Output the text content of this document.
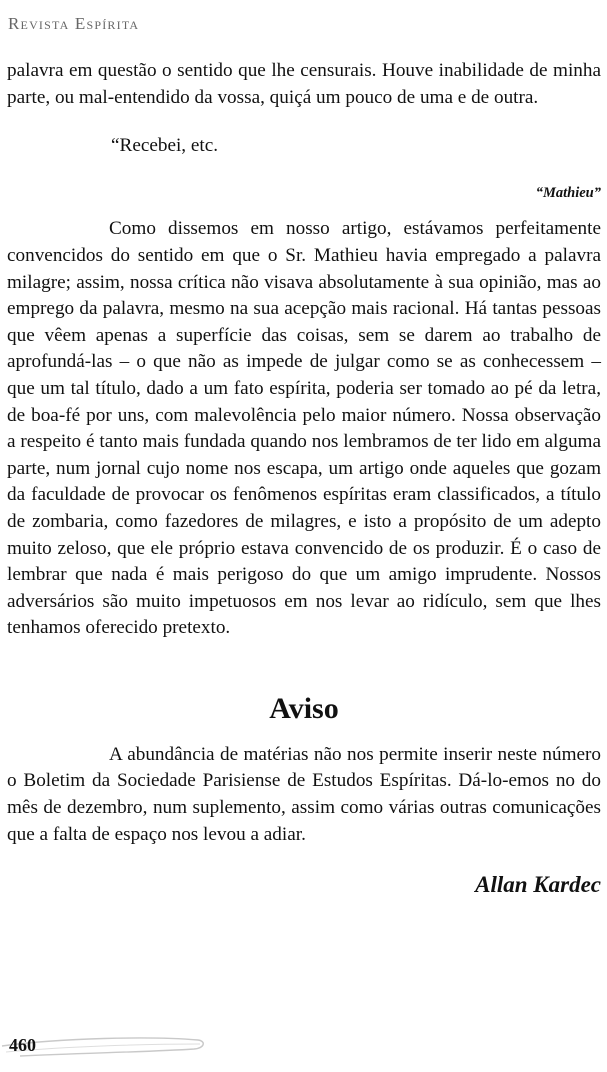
Revista Espírita

palavra em questão o sentido que lhe censurais. Houve inabilidade de minha parte, ou mal-entendido da vossa, quiçá um pouco de uma e de outra.

“Recebei, etc.

“Mathieu”

Como dissemos em nosso artigo, estávamos perfeitamente convencidos do sentido em que o Sr. Mathieu havia empregado a palavra milagre; assim, nossa crítica não visava absolutamente à sua opinião, mas ao emprego da palavra, mesmo na sua acepção mais racional. Há tantas pessoas que vêem apenas a superfície das coisas, sem se darem ao trabalho de aprofundá-las – o que não as impede de julgar como se as conhecessem – que um tal título, dado a um fato espírita, poderia ser tomado ao pé da letra, de boa-fé por uns, com malevolência pelo maior número. Nossa observação a respeito é tanto mais fundada quando nos lembramos de ter lido em alguma parte, num jornal cujo nome nos escapa, um artigo onde aqueles que gozam da faculdade de provocar os fenômenos espíritas eram classificados, a título de zombaria, como fazedores de milagres, e isto a propósito de um adepto muito zeloso, que ele próprio estava convencido de os produzir. É o caso de lembrar que nada é mais perigoso do que um amigo imprudente. Nossos adversários são muito impetuosos em nos levar ao ridículo, sem que lhes tenhamos oferecido pretexto.

Aviso

A abundância de matérias não nos permite inserir neste número o Boletim da Sociedade Parisiense de Estudos Espíritas. Dá-lo-emos no do mês de dezembro, num suplemento, assim como várias outras comunicações que a falta de espaço nos levou a adiar.

Allan Kardec

460
